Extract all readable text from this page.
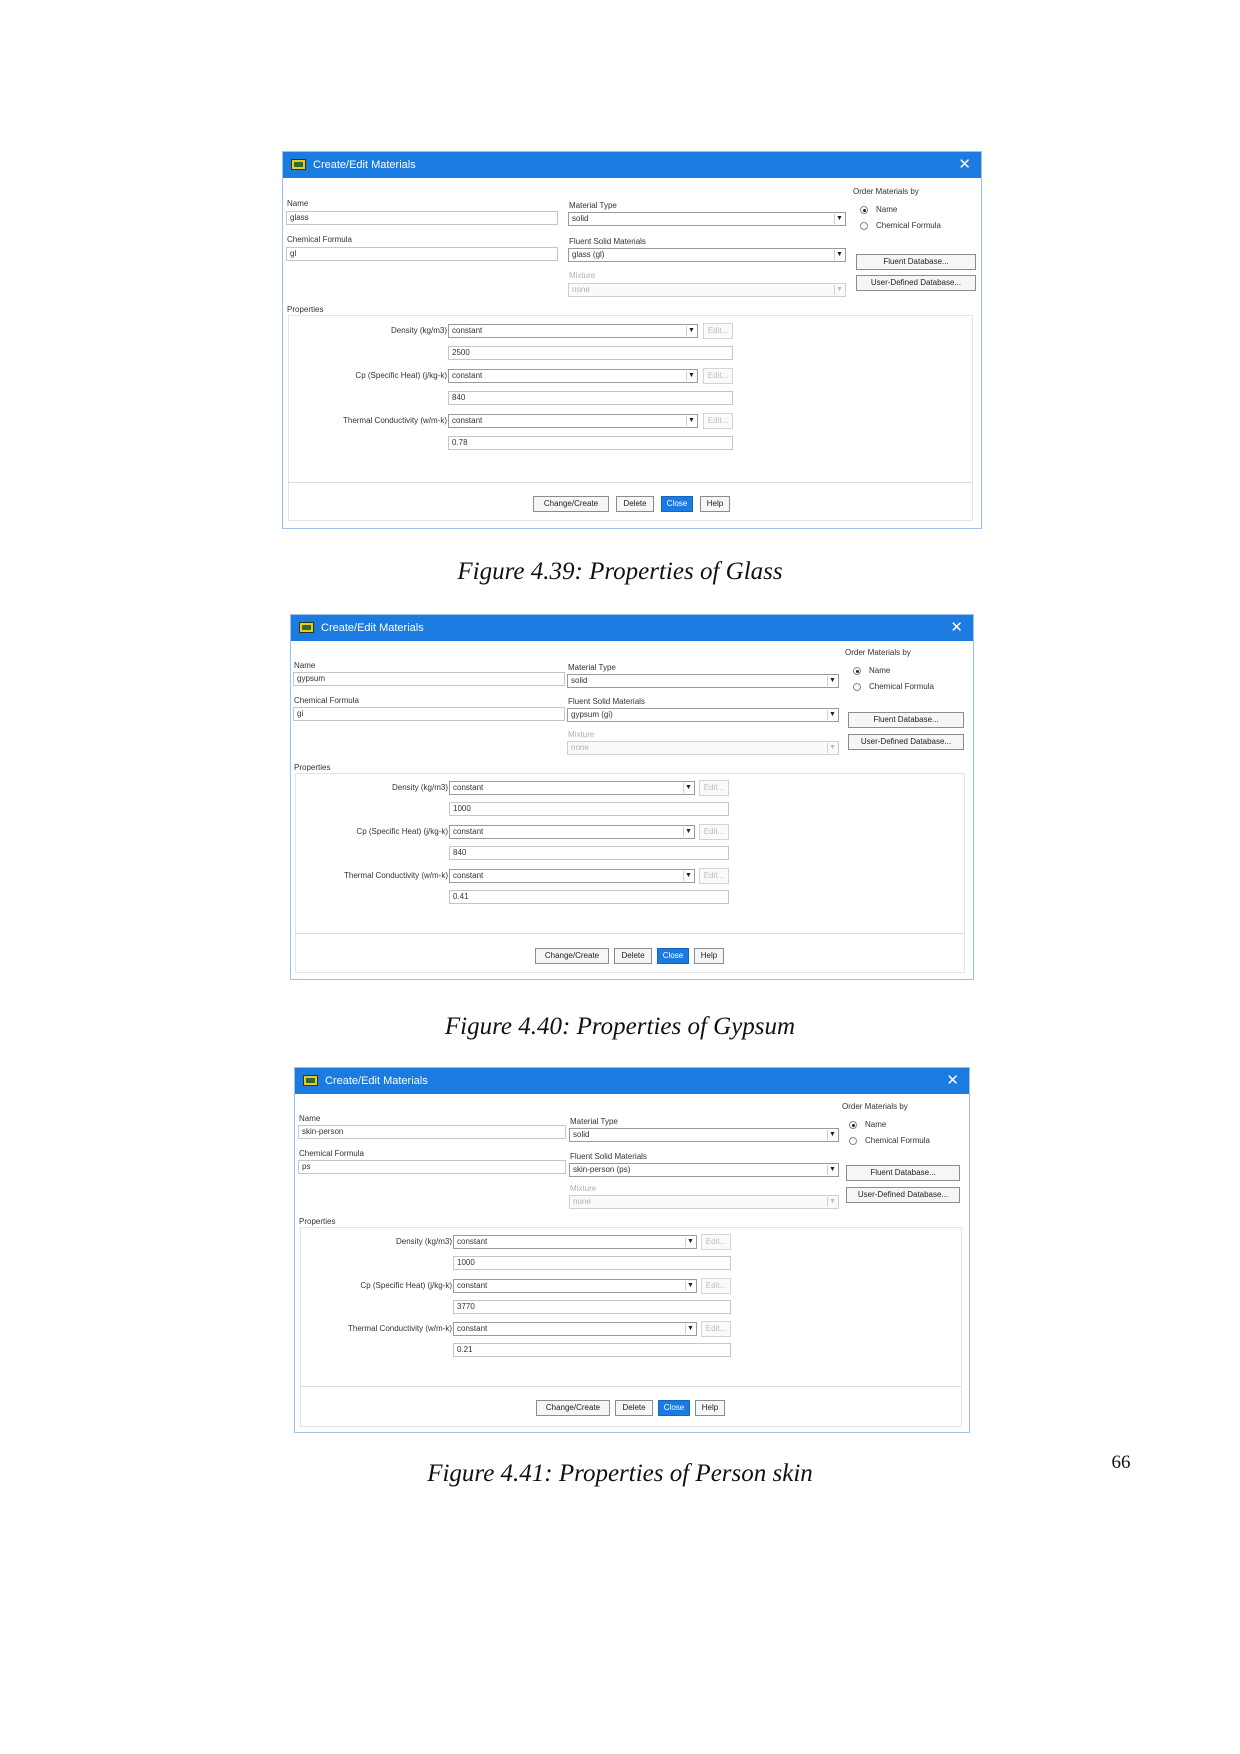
Create/Edit Materials	✕
Name
glass
Chemical Formula
gl
Material Type
solid	▼
Fluent Solid Materials
glass (gl)	▼
Mixture
none	▼
Order Materials by
Name
Chemical Formula
Fluent Database...
User-Defined Database...
Properties
Density (kg/m3) constant	▼	Edit...
2500
Cp (Specific Heat) (j/kg-k) constant	▼	Edit...
840
Thermal Conductivity (w/m-k) constant	▼	Edit...
0.78
Change/Create	Delete	Close	Help
Figure 4.39: Properties of Glass
Create/Edit Materials	✕
Name
gypsum
Chemical Formula
gi
Material Type
solid	▼
Fluent Solid Materials
gypsum (gi)	▼
Mixture
none	▼
Order Materials by
Name
Chemical Formula
Fluent Database...
User-Defined Database...
Properties
Density (kg/m3) constant	▼	Edit...
1000
Cp (Specific Heat) (j/kg-k) constant	▼	Edit...
840
Thermal Conductivity (w/m-k) constant	▼	Edit...
0.41
Change/Create	Delete	Close	Help
Figure 4.40: Properties of Gypsum
Create/Edit Materials	✕
Name
skin-person
Chemical Formula
ps
Material Type
solid	▼
Fluent Solid Materials
skin-person (ps)	▼
Mixture
none	▼
Order Materials by
Name
Chemical Formula
Fluent Database...
User-Defined Database...
Properties
Density (kg/m3) constant	▼	Edit...
1000
Cp (Specific Heat) (j/kg-k) constant	▼	Edit...
3770
Thermal Conductivity (w/m-k) constant	▼	Edit...
0.21
Change/Create	Delete	Close	Help
Figure 4.41: Properties of Person skin	66
